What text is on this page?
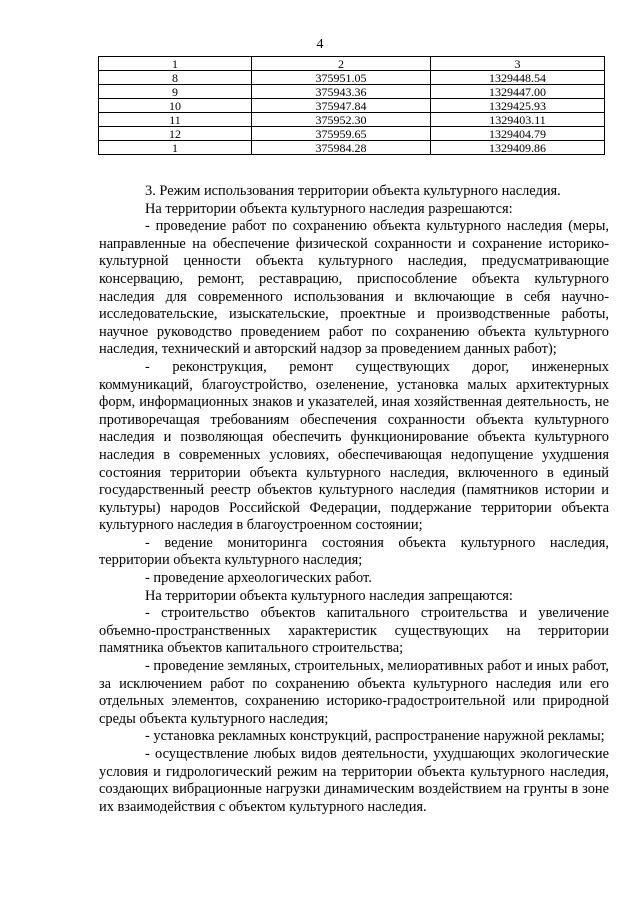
4
1	2	3
8	375951.05	1329448.54
9	375943.36	1329447.00
10	375947.84	1329425.93
11	375952.30	1329403.11
12	375959.65	1329404.79
1	375984.28	1329409.86

3. Режим использования территории объекта культурного наследия.

На территории объекта культурного наследия разрешаются:

- проведение работ по сохранению объекта культурного наследия (меры, направленные на обеспечение физической сохранности и сохранение историко-культурной ценности объекта культурного наследия, предусматривающие консервацию, ремонт, реставрацию, приспособление объекта культурного наследия для современного использования и включающие в себя научно-исследовательские, изыскательские, проектные и производственные работы, научное руководство проведением работ по сохранению объекта культурного наследия, технический и авторский надзор за проведением данных работ);

- реконструкция, ремонт существующих дорог, инженерных коммуникаций, благоустройство, озеленение, установка малых архитектурных форм, информационных знаков и указателей, иная хозяйственная деятельность, не противоречащая требованиям обеспечения сохранности объекта культурного наследия и позволяющая обеспечить функционирование объекта культурного наследия в современных условиях, обеспечивающая недопущение ухудшения состояния территории объекта культурного наследия, включенного в единый государственный реестр объектов культурного наследия (памятников истории и культуры) народов Российской Федерации, поддержание территории объекта культурного наследия в благоустроенном состоянии;

- ведение мониторинга состояния объекта культурного наследия, территории объекта культурного наследия;

- проведение археологических работ.

На территории объекта культурного наследия запрещаются:

- строительство объектов капитального строительства и увеличение объемно-пространственных характеристик существующих на территории памятника объектов капитального строительства;

- проведение земляных, строительных, мелиоративных работ и иных работ, за исключением работ по сохранению объекта культурного наследия или его отдельных элементов, сохранению историко-градостроительной или природной среды объекта культурного наследия;

- установка рекламных конструкций, распространение наружной рекламы;

- осуществление любых видов деятельности, ухудшающих экологические условия и гидрологический режим на территории объекта культурного наследия, создающих вибрационные нагрузки динамическим воздействием на грунты в зоне их взаимодействия с объектом культурного наследия.
